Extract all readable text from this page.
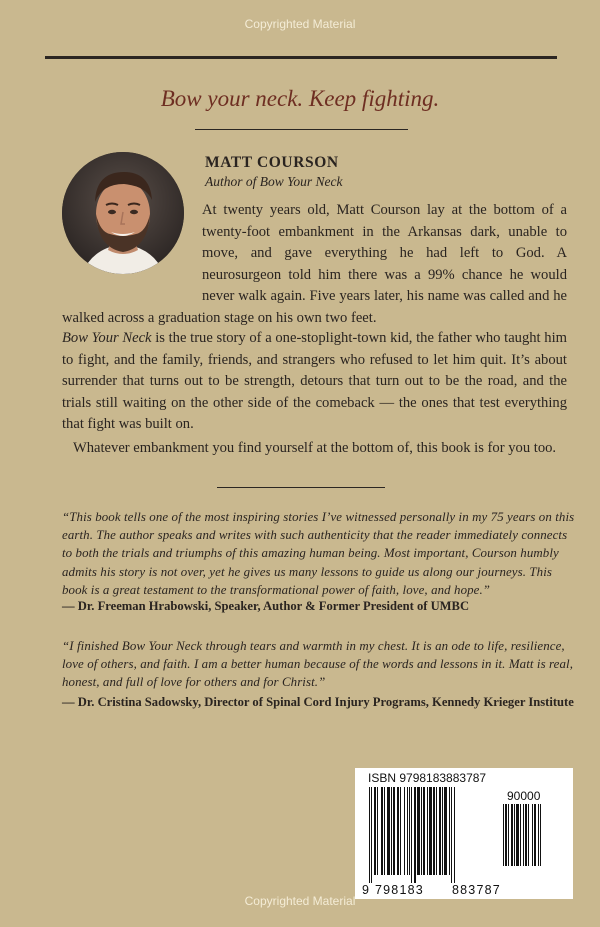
Copyrighted Material
Bow your neck. Keep fighting.
MATT COURSON
Author of Bow Your Neck

At twenty years old, Matt Courson lay at the bottom of a twenty-foot embankment in the Arkansas dark, unable to move, and gave everything he had left to God. A neurosurgeon told him there was a 99% chance he would never walk again. Five years later, his name was called and he walked across a graduation stage on his own two feet.

Bow Your Neck is the true story of a one-stoplight-town kid, the father who taught him to fight, and the family, friends, and strangers who refused to let him quit. It’s about surrender that turns out to be strength, detours that turn out to be the road, and the trials still waiting on the other side of the comeback — the ones that test everything that fight was built on.

Whatever embankment you find yourself at the bottom of, this book is for you too.

“This book tells one of the most inspiring stories I’ve witnessed personally in my 75 years on this earth. The author speaks and writes with such authenticity that the reader immediately connects to both the trials and triumphs of this amazing human being. Most important, Courson humbly admits his story is not over, yet he gives us many lessons to guide us along our journeys. This book is a great testament to the transformational power of faith, love, and hope.”

— Dr. Freeman Hrabowski, Speaker, Author & Former President of UMBC

“I finished Bow Your Neck through tears and warmth in my chest. It is an ode to life, resilience, love of others, and faith. I am a better human because of the words and lessons in it. Matt is real, honest, and full of love for others and for Christ.”

— Dr. Cristina Sadowsky, Director of Spinal Cord Injury Programs, Kennedy Krieger Institute

ISBN 9798183883787
90000
9 798183 883787
Copyrighted Material
